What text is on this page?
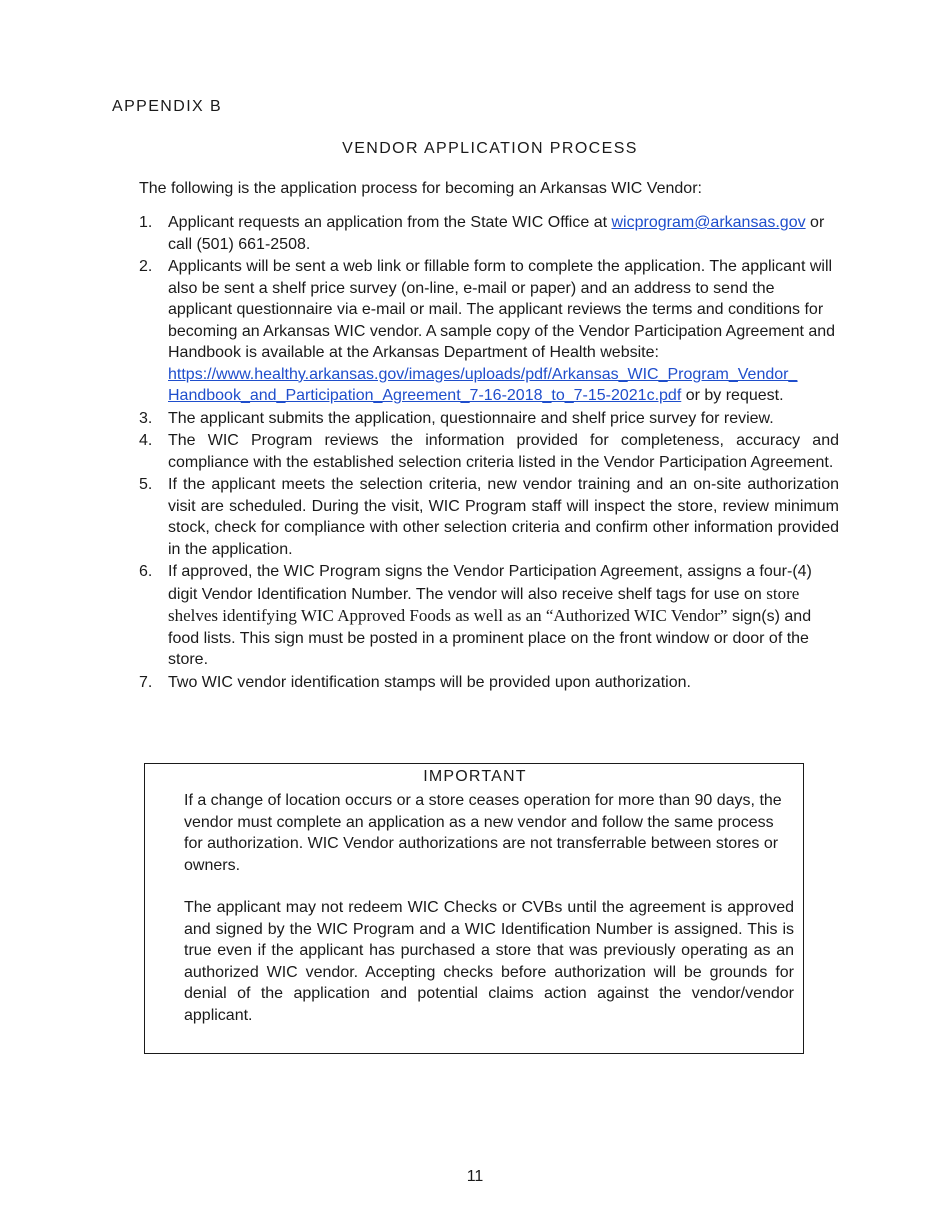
APPENDIX B
VENDOR APPLICATION PROCESS
The following is the application process for becoming an Arkansas WIC Vendor:
1. Applicant requests an application from the State WIC Office at wicprogram@arkansas.gov or call (501) 661-2508.
2. Applicants will be sent a web link or fillable form to complete the application. The applicant will also be sent a shelf price survey (on-line, e-mail or paper) and an address to send the applicant questionnaire via e-mail or mail. The applicant reviews the terms and conditions for becoming an Arkansas WIC vendor. A sample copy of the Vendor Participation Agreement and Handbook is available at the Arkansas Department of Health website:
https://www.healthy.arkansas.gov/images/uploads/pdf/Arkansas_WIC_Program_Vendor_
Handbook_and_Participation_Agreement_7-16-2018_to_7-15-2021c.pdf or by request.
3. The applicant submits the application, questionnaire and shelf price survey for review.
4. The WIC Program reviews the information provided for completeness, accuracy and compliance with the established selection criteria listed in the Vendor Participation Agreement.
5. If the applicant meets the selection criteria, new vendor training and an on-site authorization visit are scheduled. During the visit, WIC Program staff will inspect the store, review minimum stock, check for compliance with other selection criteria and confirm other information provided in the application.
6. If approved, the WIC Program signs the Vendor Participation Agreement, assigns a four-(4) digit Vendor Identification Number. The vendor will also receive shelf tags for use on store shelves identifying WIC Approved Foods as well as an “Authorized WIC Vendor” sign(s) and food lists. This sign must be posted in a prominent place on the front window or door of the store.
7. Two WIC vendor identification stamps will be provided upon authorization.
IMPORTANT
If a change of location occurs or a store ceases operation for more than 90 days, the vendor must complete an application as a new vendor and follow the same process for authorization. WIC Vendor authorizations are not transferrable between stores or owners.
The applicant may not redeem WIC Checks or CVBs until the agreement is approved and signed by the WIC Program and a WIC Identification Number is assigned. This is true even if the applicant has purchased a store that was previously operating as an authorized WIC vendor. Accepting checks before authorization will be grounds for denial of the application and potential claims action against the vendor/vendor applicant.
11
